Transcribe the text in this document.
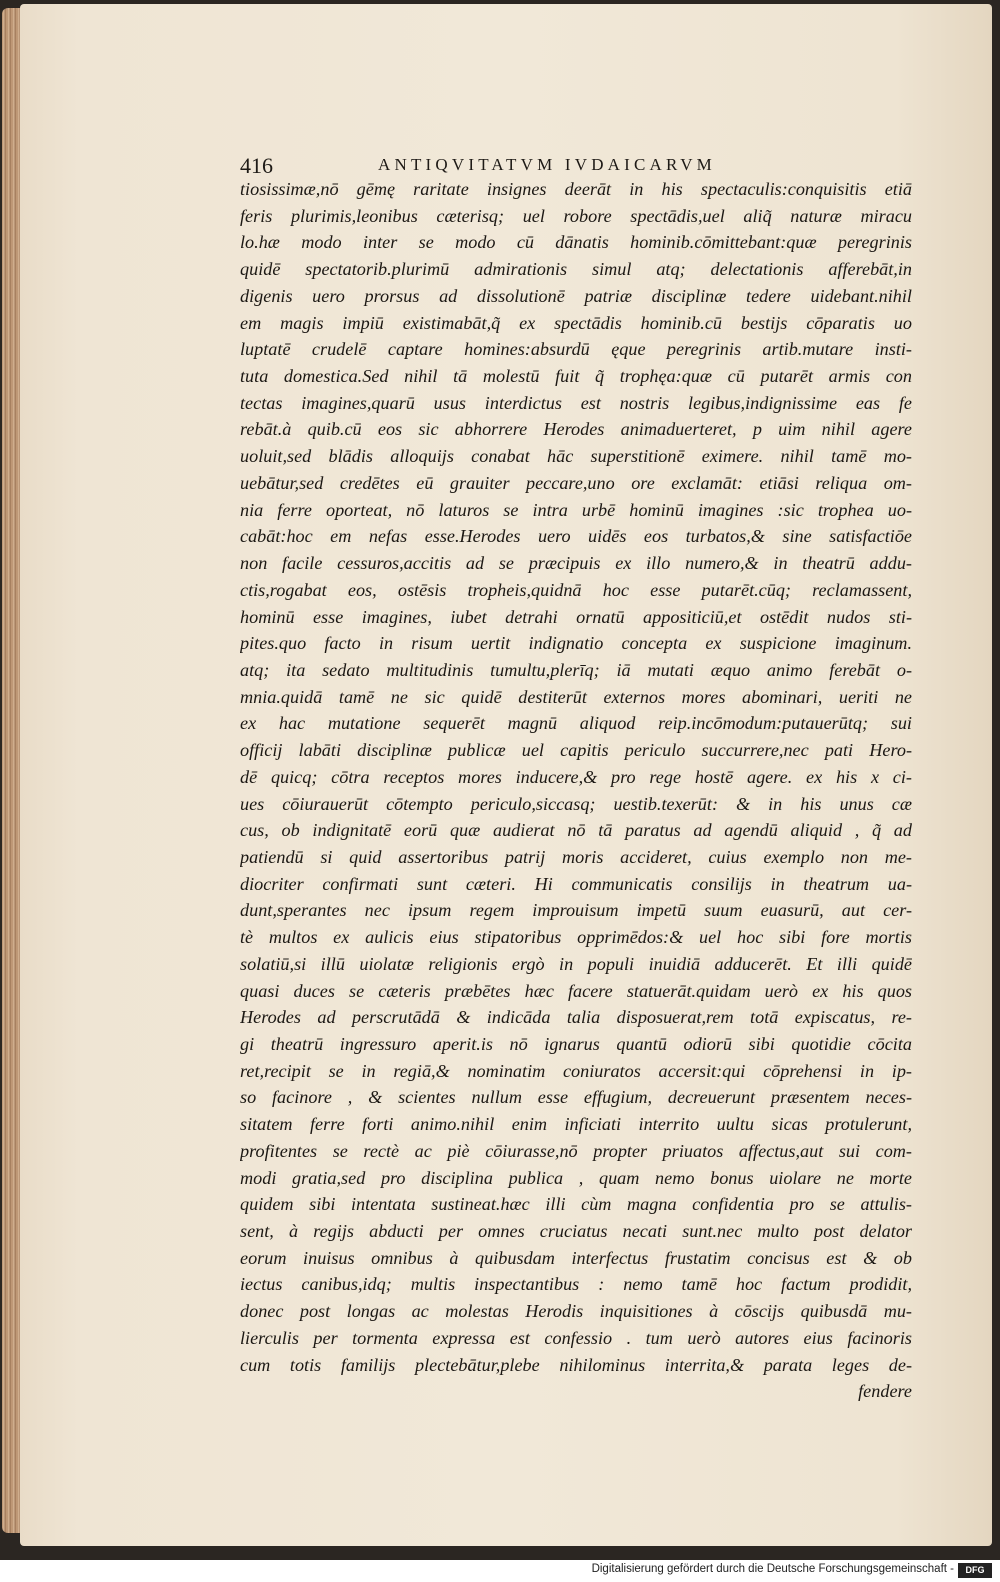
416	ANTIQVITATVM IVDAICARVM
tiosissimæ,nō gēmę raritate insignes deerāt in his spectaculis:conquisitis etiā
feris plurimis,leonibus cæterisq; uel robore spectādis,uel aliq̃ naturæ miracu
lo.hæ modo inter se modo cū dānatis hominib.cōmittebant:quæ peregrinis
quidē spectatorib.plurimū admirationis simul atq; delectationis afferebāt,in
digenis uero prorsus ad dissolutionē patriæ disciplinæ tedere uidebant.nihil
em magis impiū existimabāt,q̃ ex spectādis hominib.cū bestijs cōparatis uo
luptatē crudelē captare homines:absurdū ęque peregrinis artib.mutare insti-
tuta domestica.Sed nihil tā molestū fuit q̃ trophęa:quæ cū putarēt armis con
tectas imagines,quarū usus interdictus est nostris legibus,indignissime eas fe
rebāt.à quib.cū eos sic abhorrere Herodes animaduerteret, p uim nihil agere
uoluit,sed blādis alloquijs conabat hāc superstitionē eximere. nihil tamē mo-
uebātur,sed credētes eū grauiter peccare,uno ore exclamāt: etiāsi reliqua om-
nia ferre oporteat, nō laturos se intra urbē hominū imagines :sic trophea uo-
cabāt:hoc em nefas esse.Herodes uero uidēs eos turbatos,& sine satisfactiōe
non facile cessuros,accitis ad se præcipuis ex illo numero,& in theatrū addu-
ctis,rogabat eos, ostēsis tropheis,quidnā hoc esse putarēt.cūq; reclamassent,
hominū esse imagines, iubet detrahi ornatū appositiciū,et ostēdit nudos sti-
pites.quo facto in risum uertit indignatio concepta ex suspicione imaginum.
atq; ita sedato multitudinis tumultu,plerīq; iā mutati æquo animo ferebāt o-
mnia.quidā tamē ne sic quidē destiterūt externos mores abominari, ueriti ne
ex hac mutatione sequerēt magnū aliquod reip.incōmodum:putauerūtq; sui
officij labāti disciplinæ publicæ uel capitis periculo succurrere,nec pati Hero-
dē quicq; cōtra receptos mores inducere,& pro rege hostē agere. ex his x ci-
ues cōiurauerūt cōtempto periculo,siccasq; uestib.texerūt: & in his unus cæ
cus, ob indignitatē eorū quæ audierat nō tā paratus ad agendū aliquid , q̃ ad
patiendū si quid assertoribus patrij moris accideret, cuius exemplo non me-
diocriter confirmati sunt cæteri. Hi communicatis consilijs in theatrum ua-
dunt,sperantes nec ipsum regem improuisum impetū suum euasurū, aut cer-
tè multos ex aulicis eius stipatoribus opprimēdos:& uel hoc sibi fore mortis
solatiū,si illū uiolatæ religionis ergò in populi inuidiā adducerēt. Et illi quidē
quasi duces se cæteris præbētes hæc facere statuerāt.quidam uerò ex his quos
Herodes ad perscrutādā & indicāda talia disposuerat,rem totā expiscatus, re-
gi theatrū ingressuro aperit.is nō ignarus quantū odiorū sibi quotidie cōcita
ret,recipit se in regiā,& nominatim coniuratos accersit:qui cōprehensi in ip-
so facinore , & scientes nullum esse effugium, decreuerunt præsentem neces-
sitatem ferre forti animo.nihil enim inficiati interrito uultu sicas protulerunt,
profitentes se rectè ac piè cōiurasse,nō propter priuatos affectus,aut sui com-
modi gratia,sed pro disciplina publica , quam nemo bonus uiolare ne morte
quidem sibi intentata sustineat.hæc illi cùm magna confidentia pro se attulis-
sent, à regijs abducti per omnes cruciatus necati sunt.nec multo post delator
eorum inuisus omnibus à quibusdam interfectus frustatim concisus est & ob
iectus canibus,idq; multis inspectantibus : nemo tamē hoc factum prodidit,
donec post longas ac molestas Herodis inquisitiones à cōscijs quibusdā mu-
lierculis per tormenta expressa est confessio . tum uerò autores eius facinoris
cum totis familijs plectebātur,plebe nihilominus interrita,& parata leges de-
fendere
Digitalisierung gefördert durch die Deutsche Forschungsgemeinschaft -	DFG
